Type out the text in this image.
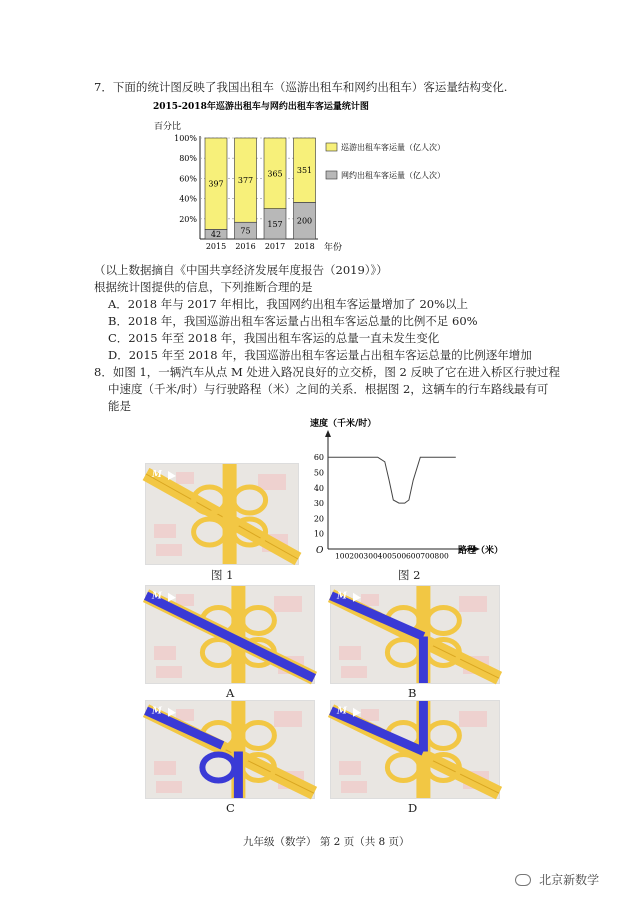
7．下面的统计图反映了我国出租车（巡游出租车和网约出租车）客运量结构变化.
2015-2018年巡游出租车与网约出租车客运量统计图
百分比
20%
40%
60%
80%
100%
42
397
2015
75
377
2016
157
365
2017
200
351
2018
巡游出租车客运量（亿人次）
网约出租车客运量（亿人次）
年份
（以上数据摘自《中国共享经济发展年度报告（2019）》）
根据统计图提供的信息，下列推断合理的是
A．2018 年与 2017 年相比，我国网约出租车客运量增加了 20%以上
B．2018 年，我国巡游出租车客运量占出租车客运总量的比例不足 60%
C．2015 年至 2018 年，我国出租车客运的总量一直未发生变化
D．2015 年至 2018 年，我国巡游出租车客运量占出租车客运总量的比例逐年增加
8．如图 1，一辆汽车从点 M 处进入路况良好的立交桥，图 2 反映了它在进入桥区行驶过程
中速度（千米/时）与行驶路程（米）之间的关系．根据图 2，这辆车的行车路线最有可
能是
M
图 1
速度（千米/时）
10
20
30
40
50
60
100 200 300 400 500 600 700 800
O	路程（米）
图 2
M
A
M
B
M
C
M
D
九年级（数学） 第 2 页（共 8 页）
北京新数学
